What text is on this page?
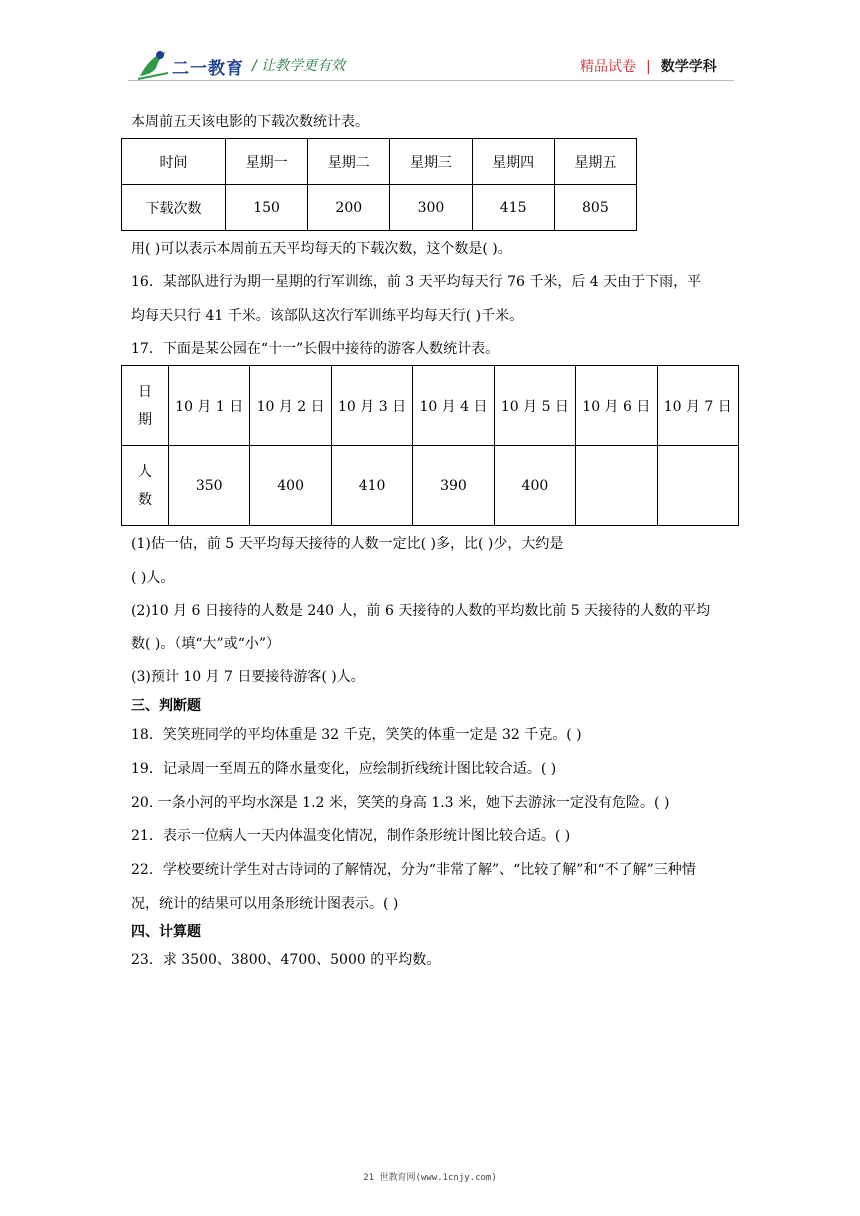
二一教育 / 让教学更有效	精品试卷 | 数学学科
本周前五天该电影的下载次数统计表。
时间	星期一	星期二	星期三	星期四	星期五
下载次数	150	200	300	415	805
用( )可以表示本周前五天平均每天的下载次数，这个数是( )。
16．某部队进行为期一星期的行军训练，前 3 天平均每天行 76 千米，后 4 天由于下雨，平
均每天只行 41 千米。该部队这次行军训练平均每天行( )千米。
17．下面是某公园在“十一”长假中接待的游客人数统计表。
日
期	10 月 1 日	10 月 2 日	10 月 3 日	10 月 4 日	10 月 5 日	10 月 6 日	10 月 7 日
人
数	350	400	410	390	400		
(1)估一估，前 5 天平均每天接待的人数一定比( )多，比( )少，大约是
( )人。
(2)10 月 6 日接待的人数是 240 人，前 6 天接待的人数的平均数比前 5 天接待的人数的平均
数( )。（填“大”或“小”）
(3)预计 10 月 7 日要接待游客( )人。
三、判断题
18．笑笑班同学的平均体重是 32 千克，笑笑的体重一定是 32 千克。( )
19．记录周一至周五的降水量变化，应绘制折线统计图比较合适。( )
20. 一条小河的平均水深是 1.2 米，笑笑的身高 1.3 米，她下去游泳一定没有危险。( )
21．表示一位病人一天内体温变化情况，制作条形统计图比较合适。( )
22．学校要统计学生对古诗词的了解情况，分为“非常了解”、“比较了解”和“不了解”三种情
况，统计的结果可以用条形统计图表示。( )
四、计算题
23．求 3500、3800、4700、5000 的平均数。
21 世教育网(www.1cnjy.com)
